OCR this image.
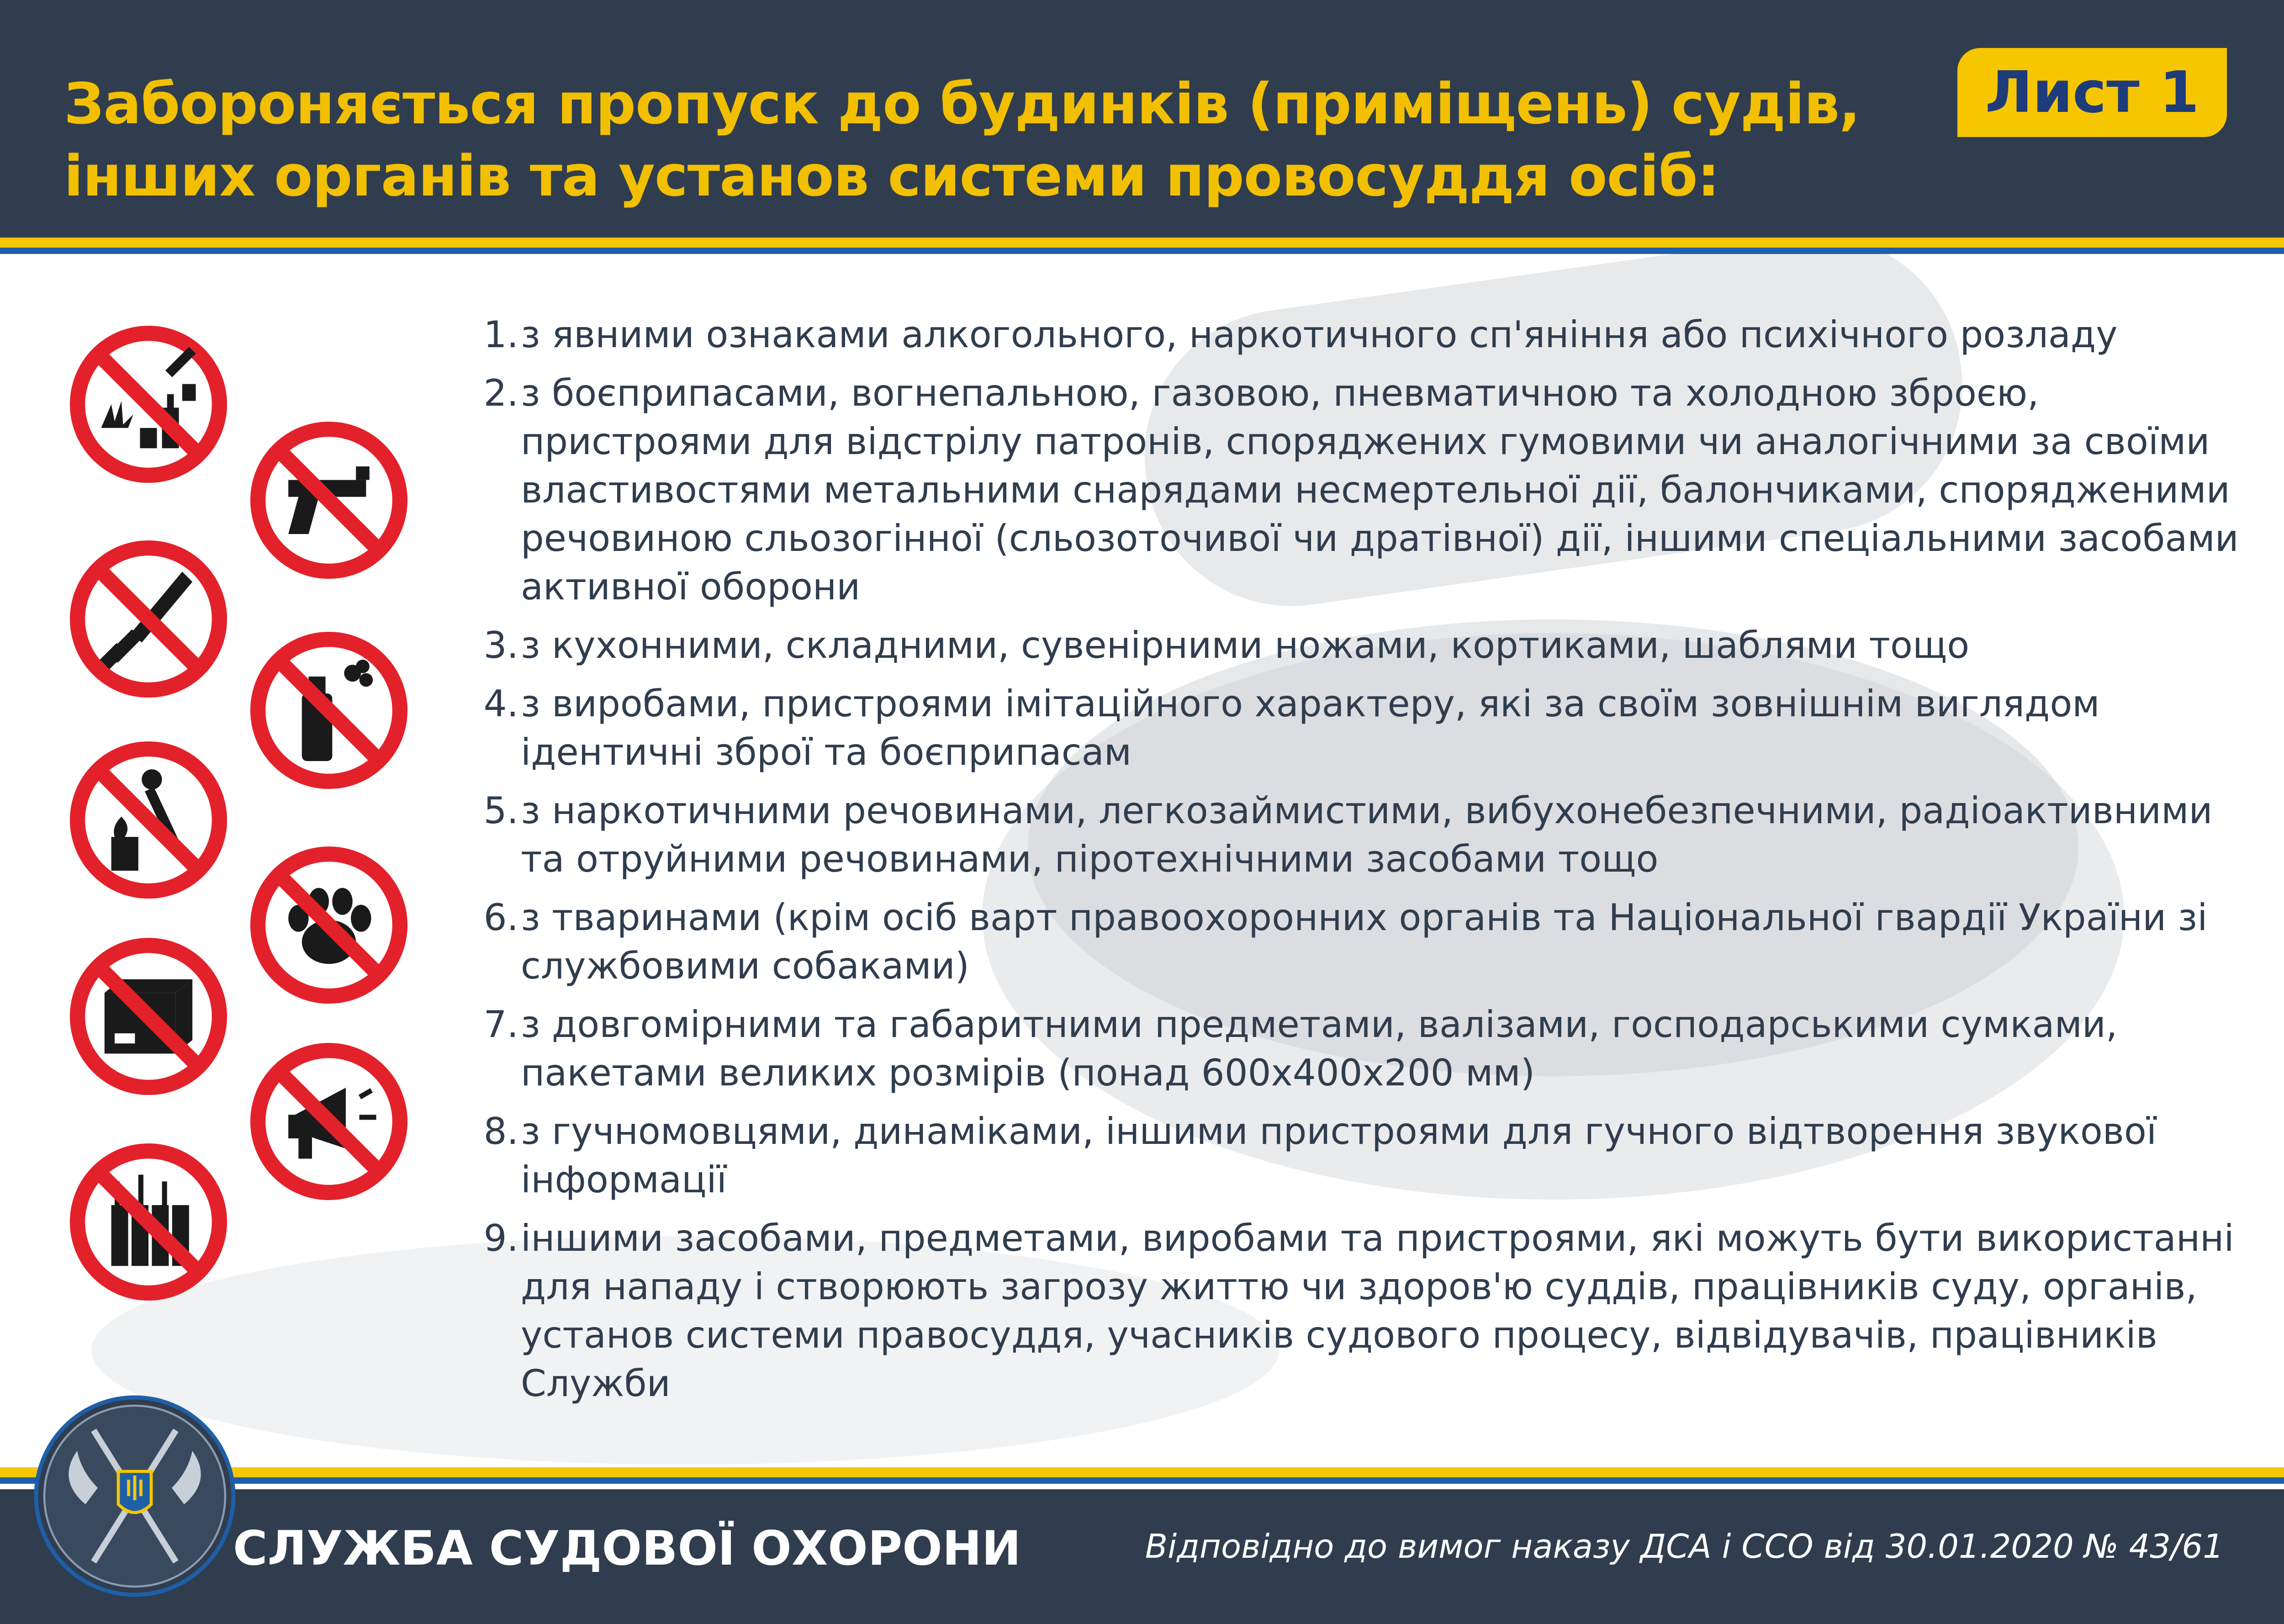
Забороняється пропуск до будинків (приміщень) судів,
інших органів та установ системи провосуддя осіб:
Лист 1
1. з явними ознаками алкогольного, наркотичного сп'яніння або психічного розладу
2. з боєприпасами, вогнепальною, газовою, пневматичною та холодною зброєю, пристроями для відстрілу патронів, споряджених гумовими чи аналогічними за своїми властивостями метальними снарядами несмертельної дії, балончиками, спорядженими речовиною сльозогінної (сльозоточивої чи дратівної) дії, іншими спеціальними засобами активної оборони
3. з кухонними, складними, сувенірними ножами, кортиками, шаблями тощо
4. з виробами, пристроями імітаційного характеру, які за своїм зовнішнім виглядом ідентичні зброї та боєприпасам
5. з наркотичними речовинами, легкозаймистими, вибухонебезпечними, радіоактивними та отруйними речовинами, піротехнічними засобами тощо
6. з тваринами (крім осіб варт правоохоронних органів та Національної гвардії України зі службовими собаками)
7. з довгомірними та габаритними предметами, валізами, господарськими сумками, пакетами великих розмірів (понад 600х400х200 мм)
8. з гучномовцями, динаміками, іншими пристроями для гучного відтворення звукової інформації
9. іншими засобами, предметами, виробами та пристроями, які можуть бути використанні для нападу і створюють загрозу життю чи здоров'ю суддів, працівників суду, органів, установ системи правосуддя, учасників судового процесу, відвідувачів, працівників Служби
СЛУЖБА СУДОВОЇ ОХОРОНИ	Відповідно до вимог наказу ДСА і ССО від 30.01.2020 № 43/61
